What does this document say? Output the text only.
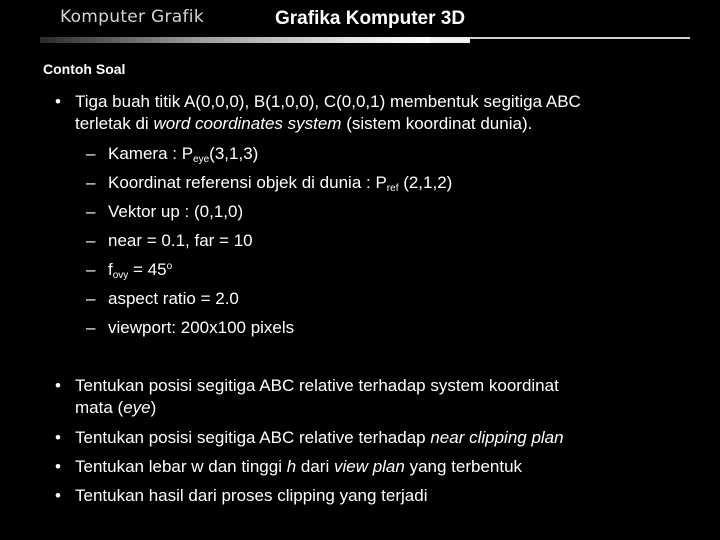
Komputer Grafik	Grafika Komputer 3D
Contoh Soal
• Tiga buah titik A(0,0,0), B(1,0,0), C(0,0,1) membentuk segitiga ABC
terletak di word coordinates system (sistem koordinat dunia).
– Kamera : $P_{eye}(3,1,3)$
– Koordinat referensi objek di dunia : $P_{ref}$ (2,1,2)
– Vektor up : (0,1,0)
– near = 0.1, far = 10
– $f_{ovy} = 45^o$
– aspect ratio = 2.0
– viewport: 200x100 pixels
• Tentukan posisi segitiga ABC relative terhadap system koordinat
mata (eye)
• Tentukan posisi segitiga ABC relative terhadap near clipping plan
• Tentukan lebar w dan tinggi h dari view plan yang terbentuk
• Tentukan hasil dari proses clipping yang terjadi
